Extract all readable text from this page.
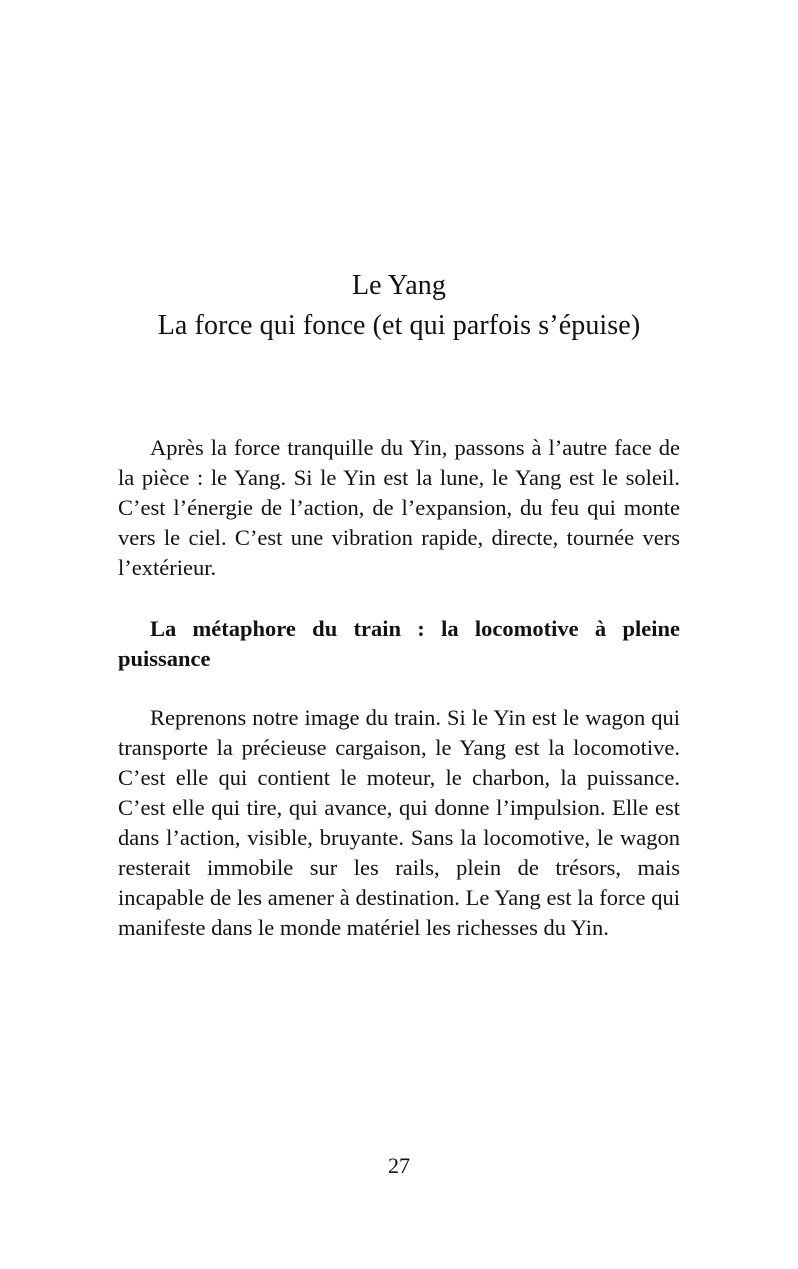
Le Yang
La force qui fonce (et qui parfois s’épuise)

Après la force tranquille du Yin, passons à l’autre face de la pièce : le Yang. Si le Yin est la lune, le Yang est le soleil. C’est l’énergie de l’action, de l’expansion, du feu qui monte vers le ciel. C’est une vibration rapide, directe, tournée vers l’extérieur.

La métaphore du train : la locomotive à pleine puissance

Reprenons notre image du train. Si le Yin est le wagon qui transporte la précieuse cargaison, le Yang est la locomotive. C’est elle qui contient le moteur, le charbon, la puissance. C’est elle qui tire, qui avance, qui donne l’impulsion. Elle est dans l’action, visible, bruyante. Sans la locomotive, le wagon resterait immobile sur les rails, plein de trésors, mais incapable de les amener à destination. Le Yang est la force qui manifeste dans le monde matériel les richesses du Yin.

27
